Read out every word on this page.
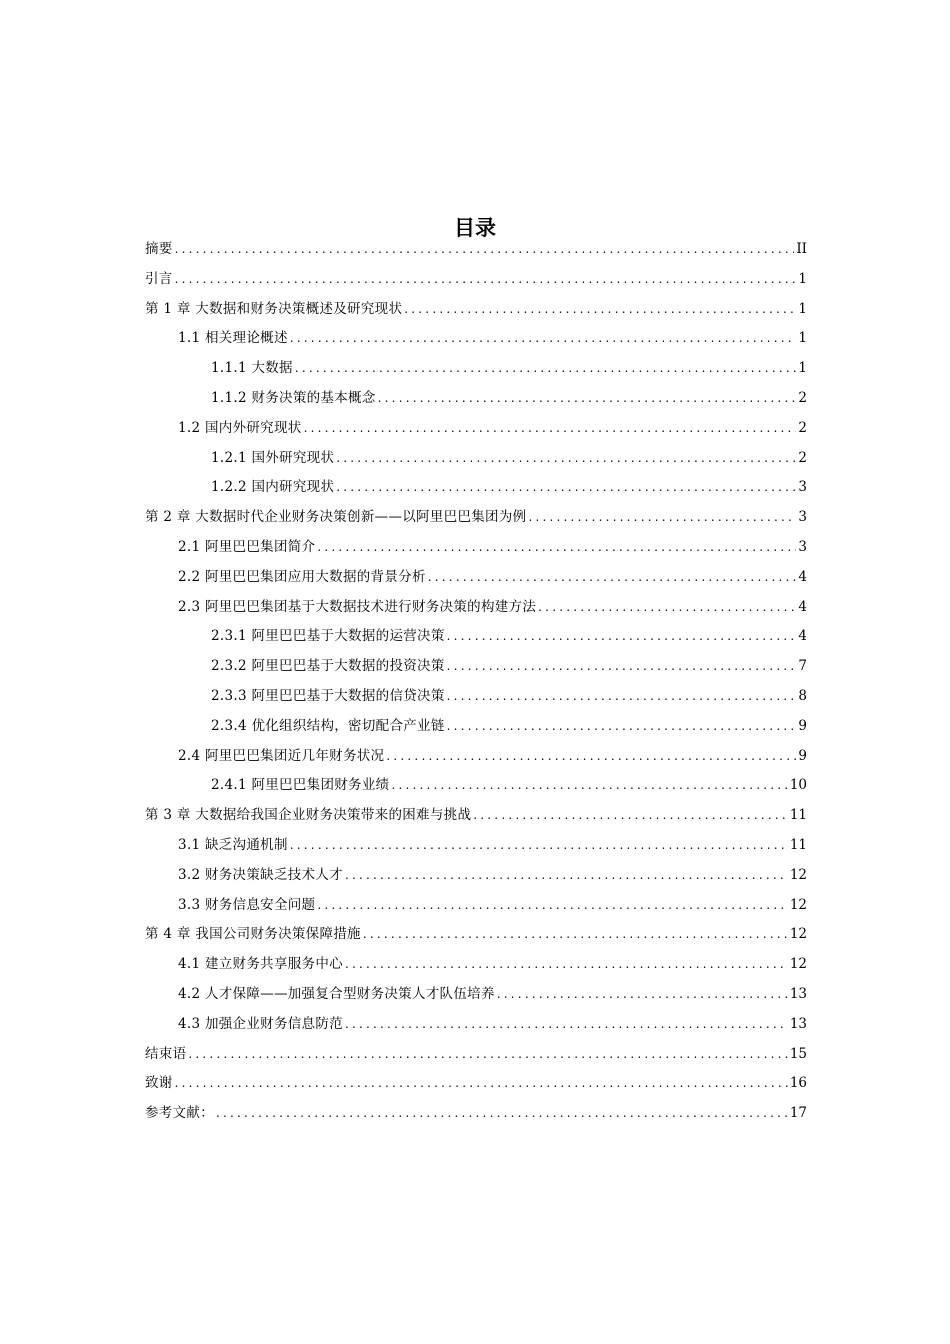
目录
摘要 .....	II
引言 .....	1
第 1 章 大数据和财务决策概述及研究现状 .....	1
1.1 相关理论概述 .....	1
1.1.1 大数据 .....	1
1.1.2 财务决策的基本概念 .....	2
1.2 国内外研究现状 .....	2
1.2.1 国外研究现状 .....	2
1.2.2 国内研究现状 .....	3
第 2 章 大数据时代企业财务决策创新——以阿里巴巴集团为例 .....	3
2.1 阿里巴巴集团简介 .....	3
2.2 阿里巴巴集团应用大数据的背景分析 .....	4
2.3 阿里巴巴集团基于大数据技术进行财务决策的构建方法 .....	4
2.3.1 阿里巴巴基于大数据的运营决策 .....	4
2.3.2 阿里巴巴基于大数据的投资决策 .....	7
2.3.3 阿里巴巴基于大数据的信贷决策 .....	8
2.3.4 优化组织结构，密切配合产业链 .....	9
2.4 阿里巴巴集团近几年财务状况 .....	9
2.4.1 阿里巴巴集团财务业绩 .....	10
第 3 章 大数据给我国企业财务决策带来的困难与挑战 .....	11
3.1 缺乏沟通机制 .....	11
3.2 财务决策缺乏技术人才 .....	12
3.3 财务信息安全问题 .....	12
第 4 章 我国公司财务决策保障措施 .....	12
4.1 建立财务共享服务中心 .....	12
4.2 人才保障——加强复合型财务决策人才队伍培养 .....	13
4.3 加强企业财务信息防范 .....	13
结束语 .....	15
致谢 .....	16
参考文献： .....	17
